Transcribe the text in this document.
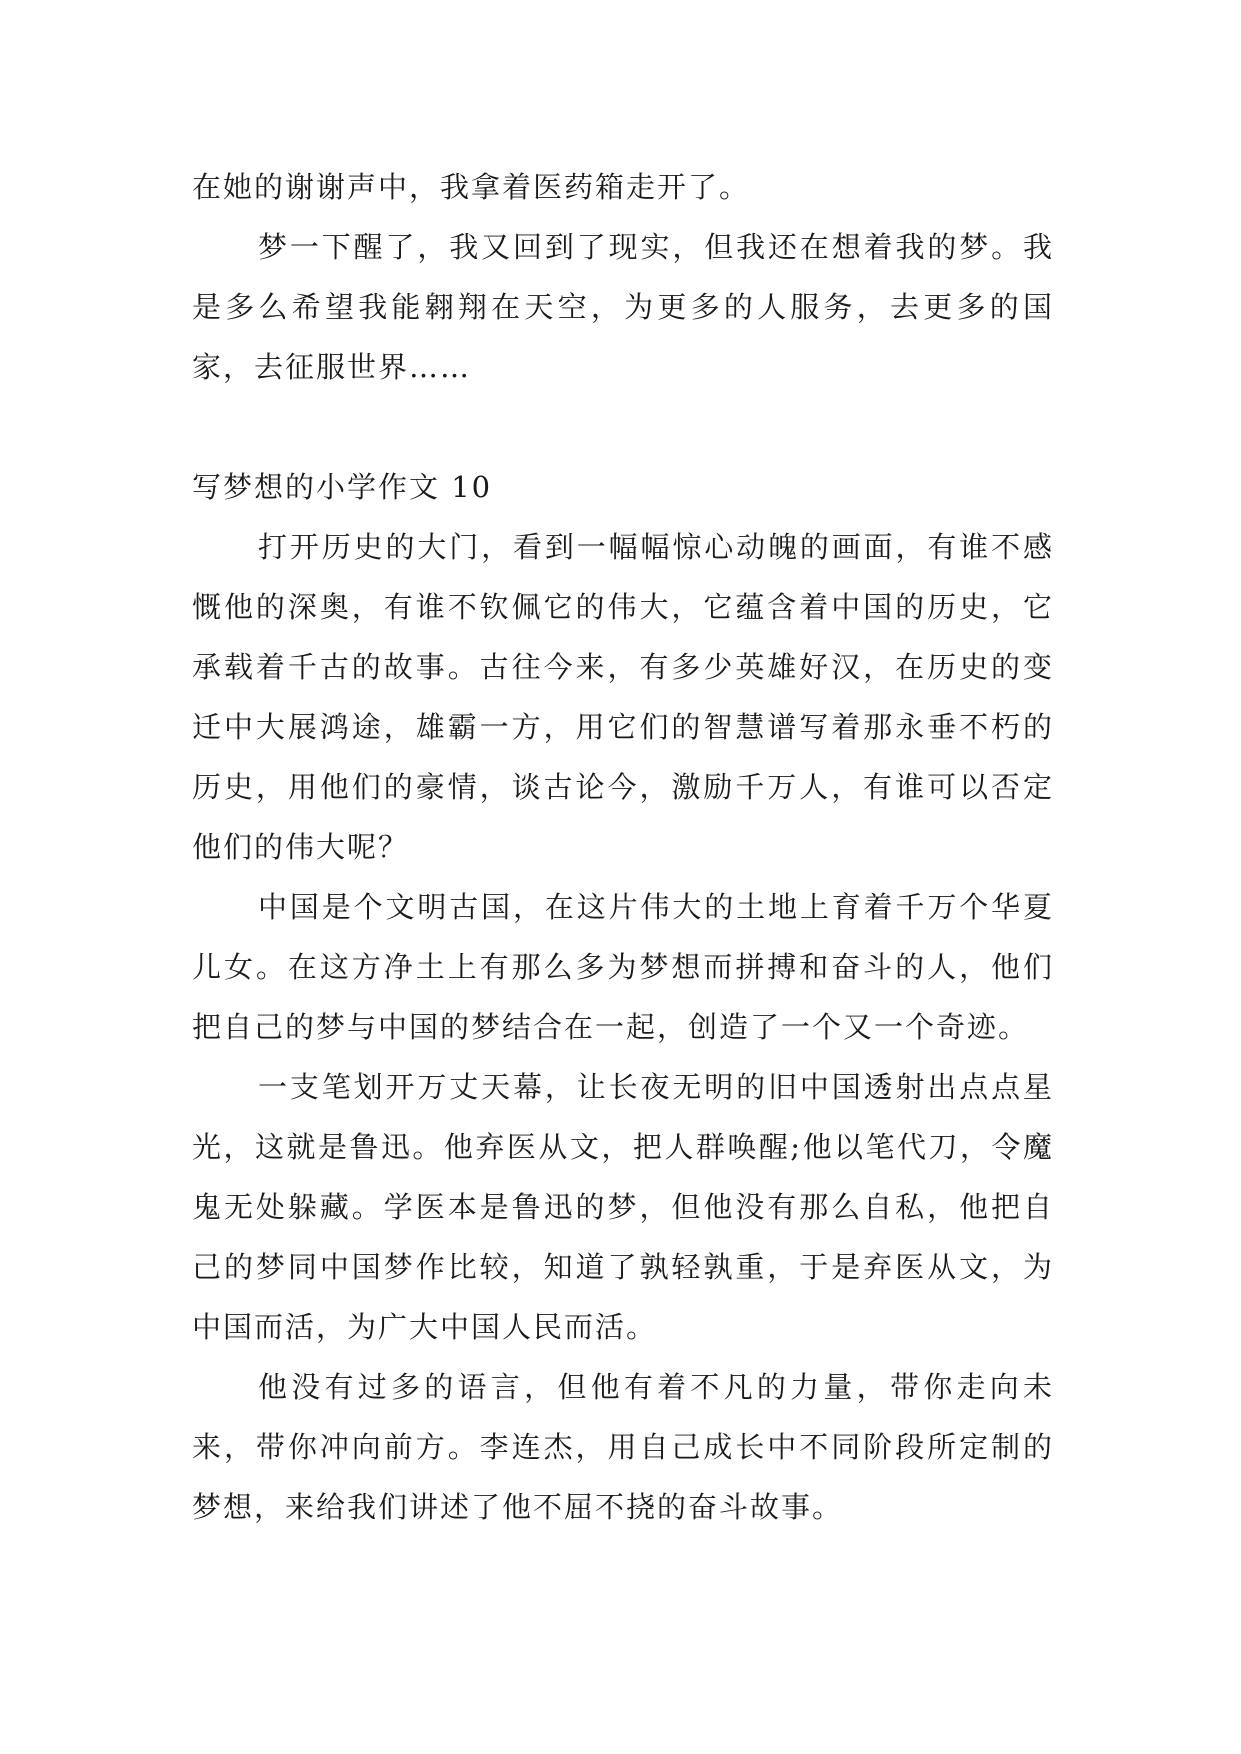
在她的谢谢声中，我拿着医药箱走开了。

梦一下醒了，我又回到了现实，但我还在想着我的梦。我是多么希望我能翱翔在天空，为更多的人服务，去更多的国家，去征服世界……

写梦想的小学作文 10

打开历史的大门，看到一幅幅惊心动魄的画面，有谁不感慨他的深奥，有谁不钦佩它的伟大，它蕴含着中国的历史，它承载着千古的故事。古往今来，有多少英雄好汉，在历史的变迁中大展鸿途，雄霸一方，用它们的智慧谱写着那永垂不朽的历史，用他们的豪情，谈古论今，激励千万人，有谁可以否定他们的伟大呢？

中国是个文明古国，在这片伟大的土地上育着千万个华夏儿女。在这方净土上有那么多为梦想而拼搏和奋斗的人，他们把自己的梦与中国的梦结合在一起，创造了一个又一个奇迹。

一支笔划开万丈天幕，让长夜无明的旧中国透射出点点星光，这就是鲁迅。他弃医从文，把人群唤醒;他以笔代刀，令魔鬼无处躲藏。学医本是鲁迅的梦，但他没有那么自私，他把自己的梦同中国梦作比较，知道了孰轻孰重，于是弃医从文，为中国而活，为广大中国人民而活。

他没有过多的语言，但他有着不凡的力量，带你走向未来，带你冲向前方。李连杰，用自己成长中不同阶段所定制的梦想，来给我们讲述了他不屈不挠的奋斗故事。
